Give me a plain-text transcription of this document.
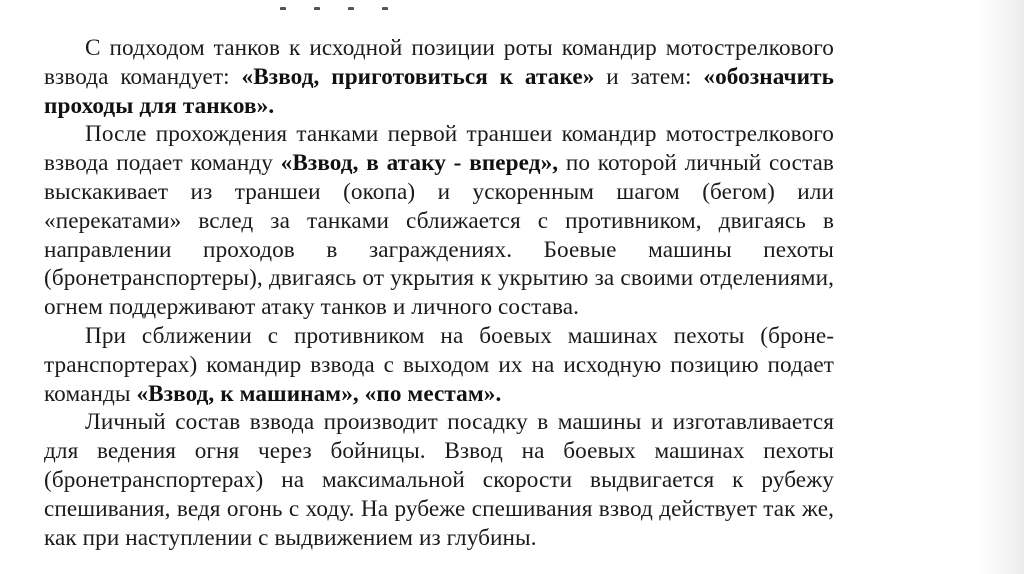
С подходом танков к исходной позиции роты командир мотострелкового взвода командует: «Взвод, приготовиться к атаке» и затем: «обозначить проходы для танков».

После прохождения танками первой траншеи командир мотострелкового взвода подает команду «Взвод, в атаку - вперед», по которой личный состав выскакивает из траншеи (окопа) и ускоренным шагом (бегом) или «перекатами» вслед за танками сближается с противником, двигаясь в направлении проходов в заграждениях. Боевые машины пехоты (бронетранспортеры), двигаясь от укрытия к укрытию за своими отделениями, огнем поддерживают атаку танков и личного состава.

При сближении с противником на боевых машинах пехоты (бронетранспортерах) командир взвода с выходом их на исходную позицию подает команды «Взвод, к машинам», «по местам».

Личный состав взвода производит посадку в машины и изготавливается для ведения огня через бойницы. Взвод на боевых машинах пехоты (бронетранспортерах) на максимальной скорости выдвигается к рубежу спешивания, ведя огонь с ходу. На рубеже спешивания взвод действует так же, как при наступлении с выдвижением из глубины.
